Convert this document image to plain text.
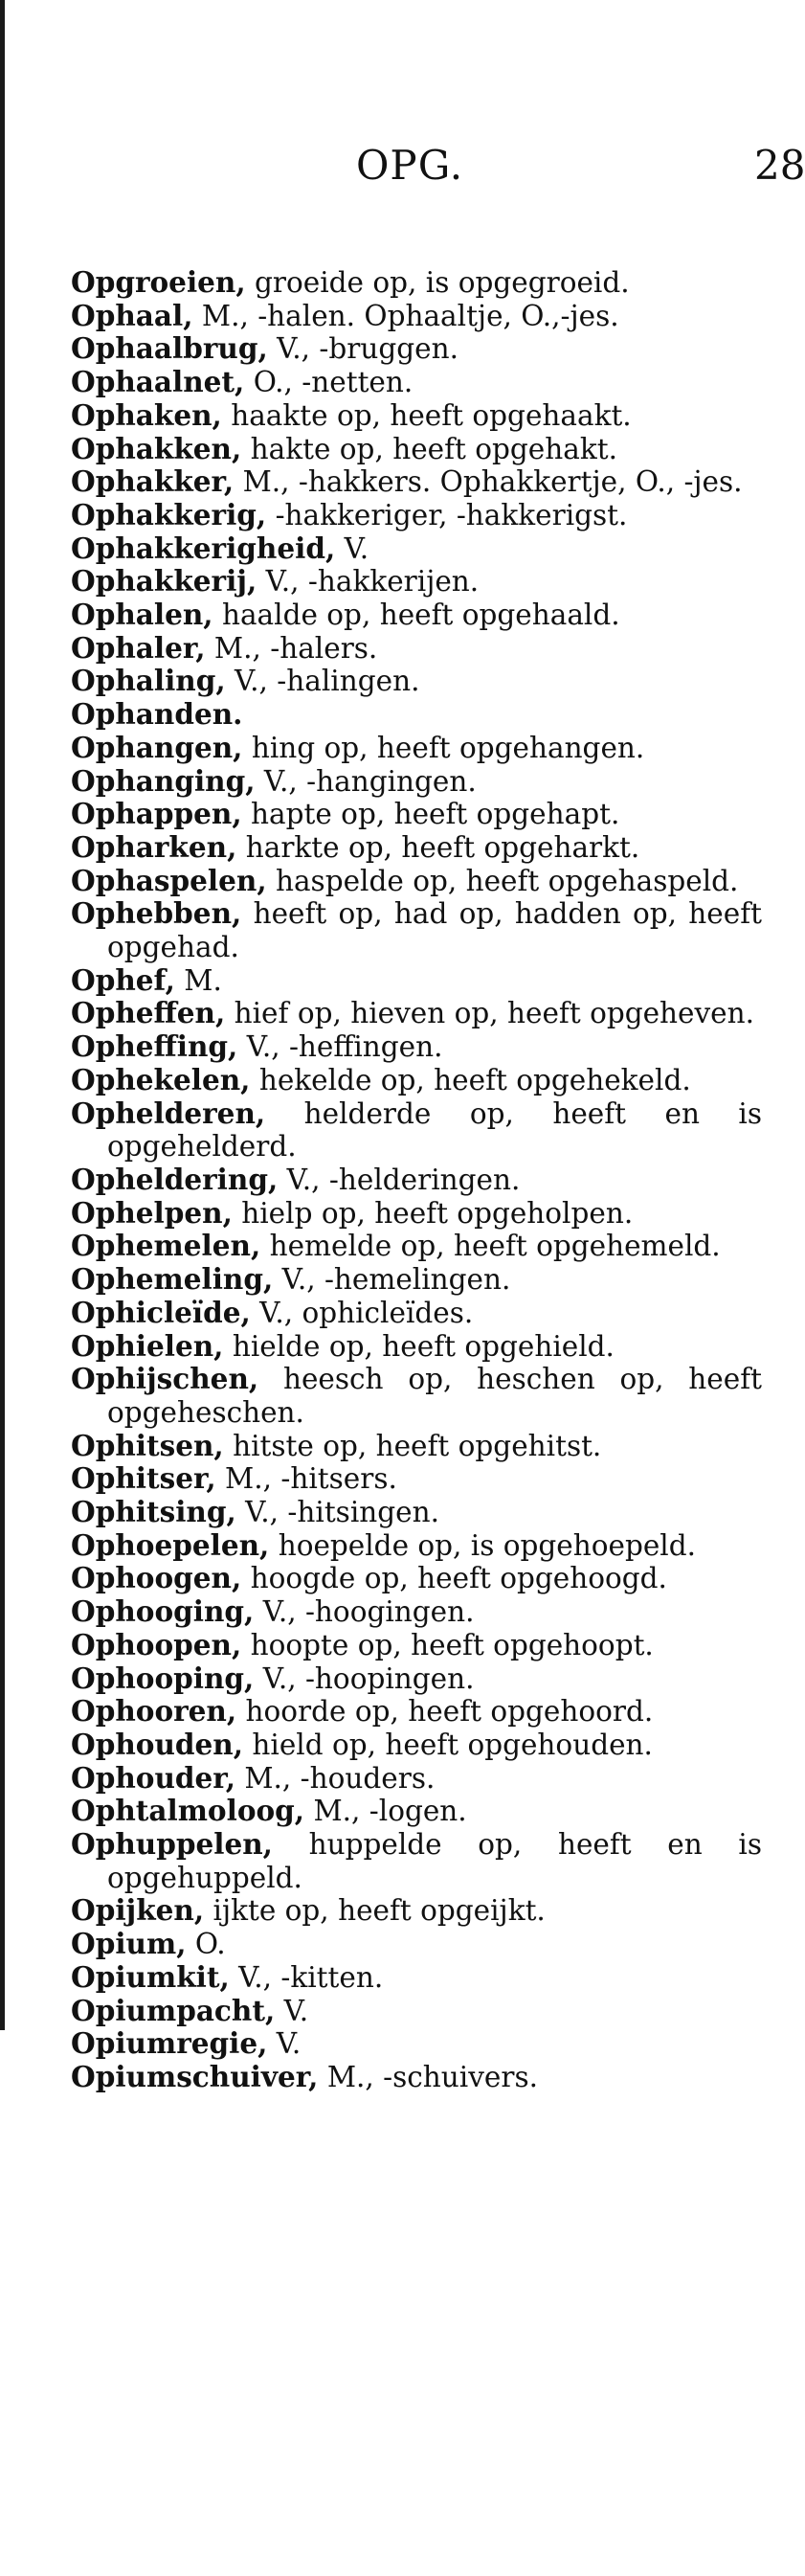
OPG.	28

Opgroeien, groeide op, is opgegroeid.

Ophaal, M., -halen. Ophaaltje, O.,-jes.

Ophaalbrug, V., -bruggen.

Ophaalnet, O., -netten.

Ophaken, haakte op, heeft opgehaakt.

Ophakken, hakte op, heeft opgehakt.

Ophakker, M., -hakkers. Ophakkertje, O., -jes.

Ophakkerig, -hakkeriger, -hakkerigst.

Ophakkerigheid, V.

Ophakkerij, V., -hakkerijen.

Ophalen, haalde op, heeft opgehaald.

Ophaler, M., -halers.

Ophaling, V., -halingen.

Ophanden.

Ophangen, hing op, heeft opgehangen.

Ophanging, V., -hangingen.

Ophappen, hapte op, heeft opgehapt.

Opharken, harkte op, heeft opgeharkt.

Ophaspelen, haspelde op, heeft opgehaspeld.

Ophebben, heeft op, had op, hadden op, heeft opgehad.

Ophef, M.

Opheffen, hief op, hieven op, heeft opgeheven.

Opheffing, V., -heffingen.

Ophekelen, hekelde op, heeft opgehekeld.

Ophelderen, helderde op, heeft en is opgehelderd.

Opheldering, V., -helderingen.

Ophelpen, hielp op, heeft opgeholpen.

Ophemelen, hemelde op, heeft opgehemeld.

Ophemeling, V., -hemelingen.

Ophicleïde, V., ophicleïdes.

Ophielen, hielde op, heeft opgehield.

Ophijschen, heesch op, heschen op, heeft opgeheschen.

Ophitsen, hitste op, heeft opgehitst.

Ophitser, M., -hitsers.

Ophitsing, V., -hitsingen.

Ophoepelen, hoepelde op, is opgehoepeld.

Ophoogen, hoogde op, heeft opgehoogd.

Ophooging, V., -hoogingen.

Ophoopen, hoopte op, heeft opgehoopt.

Ophooping, V., -hoopingen.

Ophooren, hoorde op, heeft opgehoord.

Ophouden, hield op, heeft opgehouden.

Ophouder, M., -houders.

Ophtalmoloog, M., -logen.

Ophuppelen, huppelde op, heeft en is opgehuppeld.

Opijken, ijkte op, heeft opgeijkt.

Opium, O.

Opiumkit, V., -kitten.

Opiumpacht, V.

Opiumregie, V.

Opiumschuiver, M., -schuivers.
